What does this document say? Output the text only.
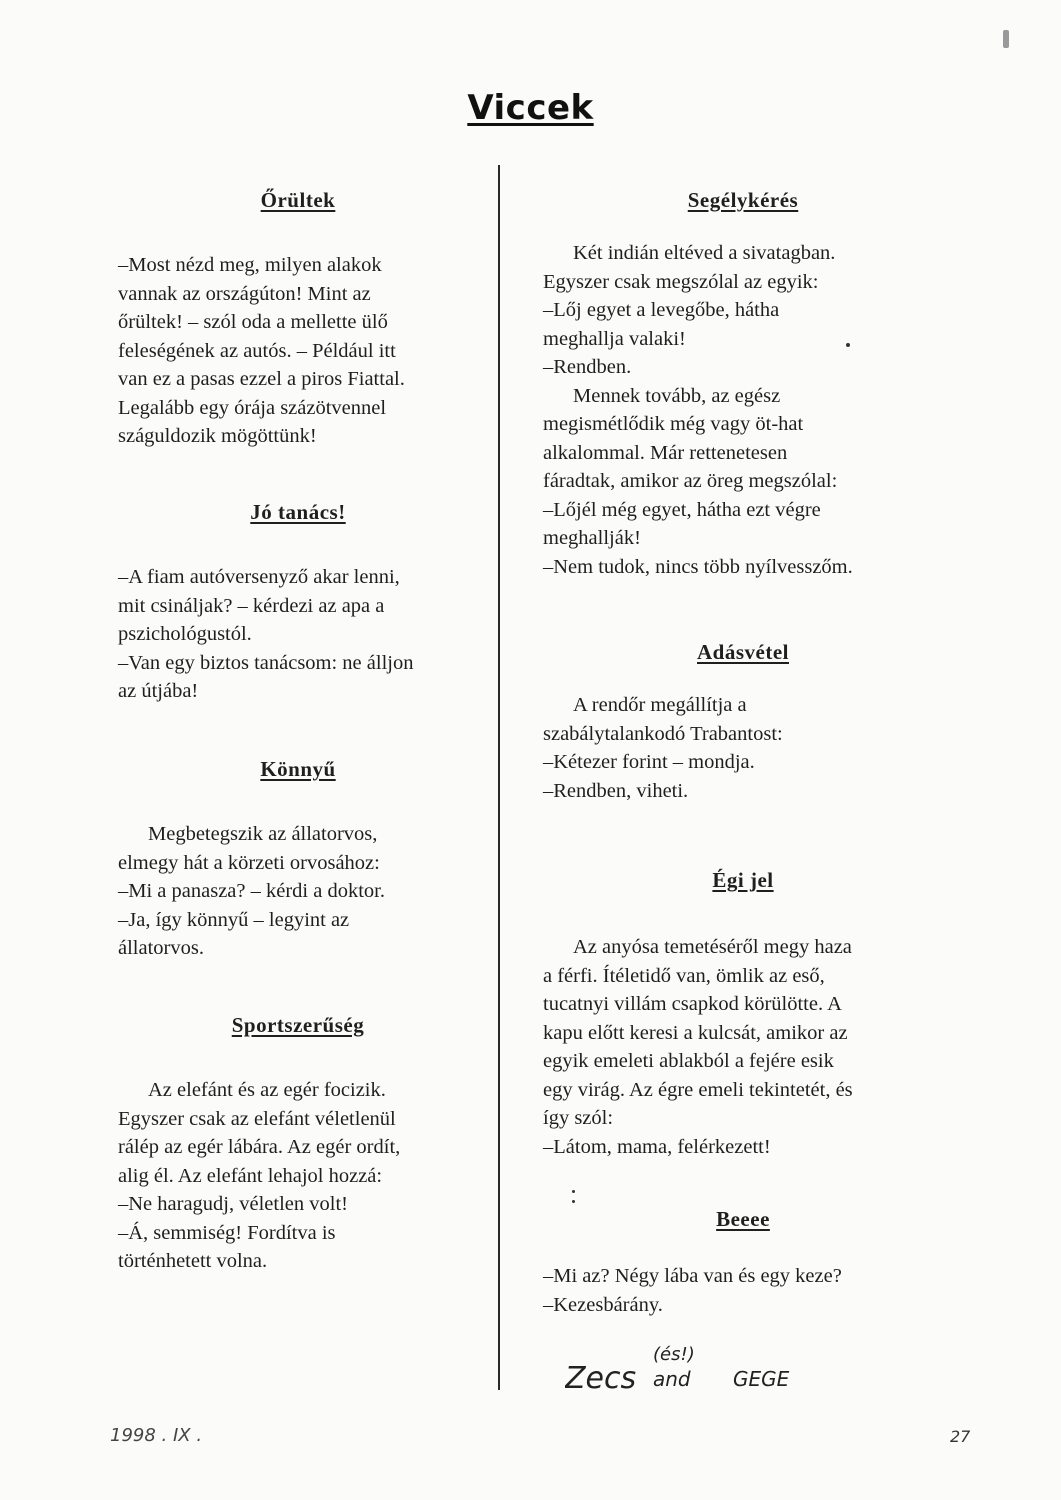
Viccek
Őrültek
–Most nézd meg, milyen alakok
vannak az országúton! Mint az
őrültek! – szól oda a mellette ülő
feleségének az autós. – Például itt
van ez a pasas ezzel a piros Fiattal.
Legalább egy órája százötvennel
száguldozik mögöttünk!
Jó tanács!
–A fiam autóversenyző akar lenni,
mit csináljak? – kérdezi az apa a
pszichológustól.
–Van egy biztos tanácsom: ne álljon
az útjába!
Könnyű
Megbetegszik az állatorvos,
elmegy hát a körzeti orvosához:
–Mi a panasza? – kérdi a doktor.
–Ja, így könnyű – legyint az
állatorvos.
Sportszerűség
Az elefánt és az egér focizik.
Egyszer csak az elefánt véletlenül
rálép az egér lábára. Az egér ordít,
alig él. Az elefánt lehajol hozzá:
–Ne haragudj, véletlen volt!
–Á, semmiség! Fordítva is
történhetett volna.
Segélykérés
Két indián eltéved a sivatagban.
Egyszer csak megszólal az egyik:
–Lőj egyet a levegőbe, hátha
meghallja valaki!
–Rendben.
Mennek tovább, az egész
megismétlődik még vagy öt-hat
alkalommal. Már rettenetesen
fáradtak, amikor az öreg megszólal:
–Lőjél még egyet, hátha ezt végre
meghallják!
–Nem tudok, nincs több nyílvesszőm.
Adásvétel
A rendőr megállítja a
szabálytalankodó Trabantost:
–Kétezer forint – mondja.
–Rendben, viheti.
Égi jel
Az anyósa temetéséről megy haza
a férfi. Ítéletidő van, ömlik az eső,
tucatnyi villám csapkod körülötte. A
kapu előtt keresi a kulcsát, amikor az
egyik emeleti ablakból a fejére esik
egy virág. Az égre emeli tekintetét, és
így szól:
–Látom, mama, felérkezett!
Beeee
–Mi az? Négy lába van és egy keze?
–Kezesbárány.
Zecs and
(és!)
GEGE
1998 . IX .	27
